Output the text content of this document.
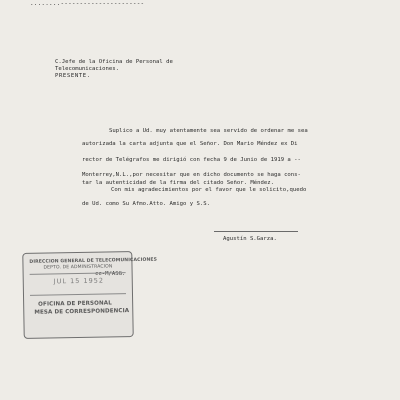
........----------------------
C.Jefe de la Oficina de Personal de
Telecomunicaciones.
PRESENTE.
Suplico a Ud. muy atentamente sea servido de ordenar me sea
autorizada la carta adjunta que el Señor. Don Mario Méndez ex Di
rector de Telégrafos me dirigió con fecha 9 de Junio de 1919 a --
Monterrey,N.L.,por necesitar que en dicho documento se haga cons-
tar la autenticidad de la firma del citado Señor. Méndez.
Con mis agradecimientos por el favor que le solicito,quedo
de Ud. como Su Afmo.Atto. Amigo y S.S.
Agustín S.Garza.
cc-M/ASG.
DIRECCION GENERAL DE TELECOMUNICACIONES
DEPTO. DE ADMINISTRACION
JUL 15 1952
OFICINA DE PERSONAL
MESA DE CORRESPONDENCIA
